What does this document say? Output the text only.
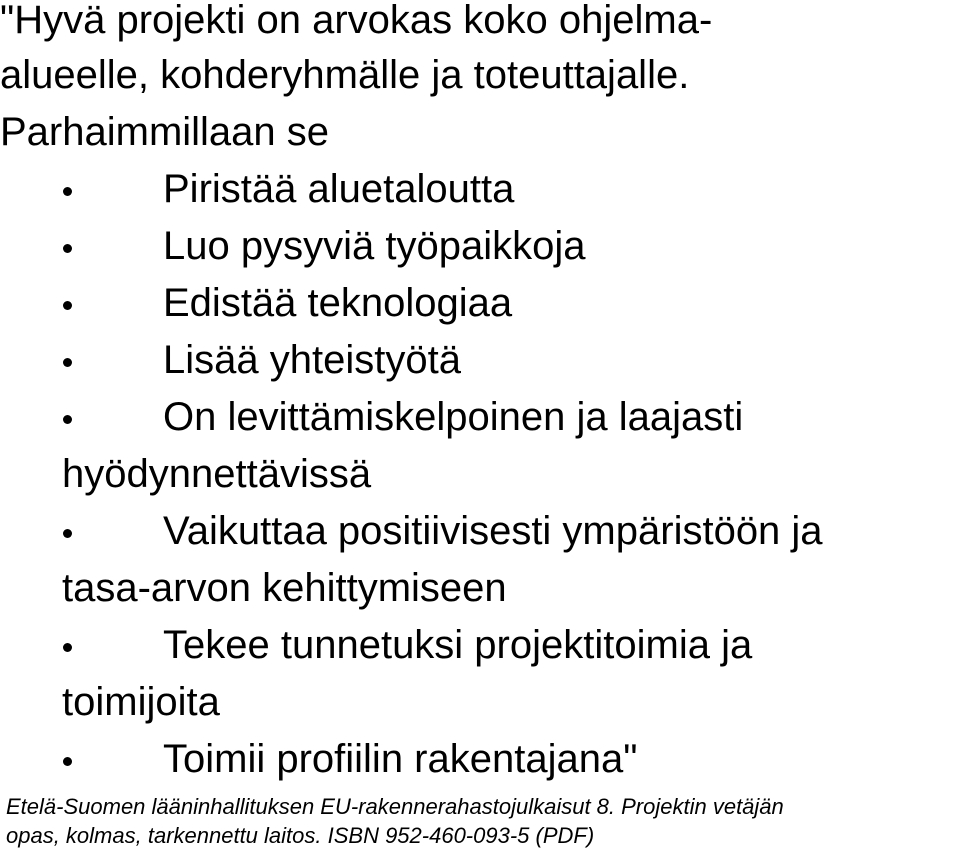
"Hyvä projekti on arvokas koko ohjelma-
alueelle, kohderyhmälle ja toteuttajalle.
Parhaimmillaan se
Piristää aluetaloutta
Luo pysyviä työpaikkoja
Edistää teknologiaa
Lisää yhteistyötä
On levittämiskelpoinen ja laajasti
hyödynnettävissä
Vaikuttaa positiivisesti ympäristöön ja
tasa-arvon kehittymiseen
Tekee tunnetuksi projektitoimia ja
toimijoita
Toimii profiilin rakentajana"
Etelä-Suomen lääninhallituksen EU-rakennerahastojulkaisut 8. Projektin vetäjän
opas, kolmas, tarkennettu laitos. ISBN 952-460-093-5 (PDF)
